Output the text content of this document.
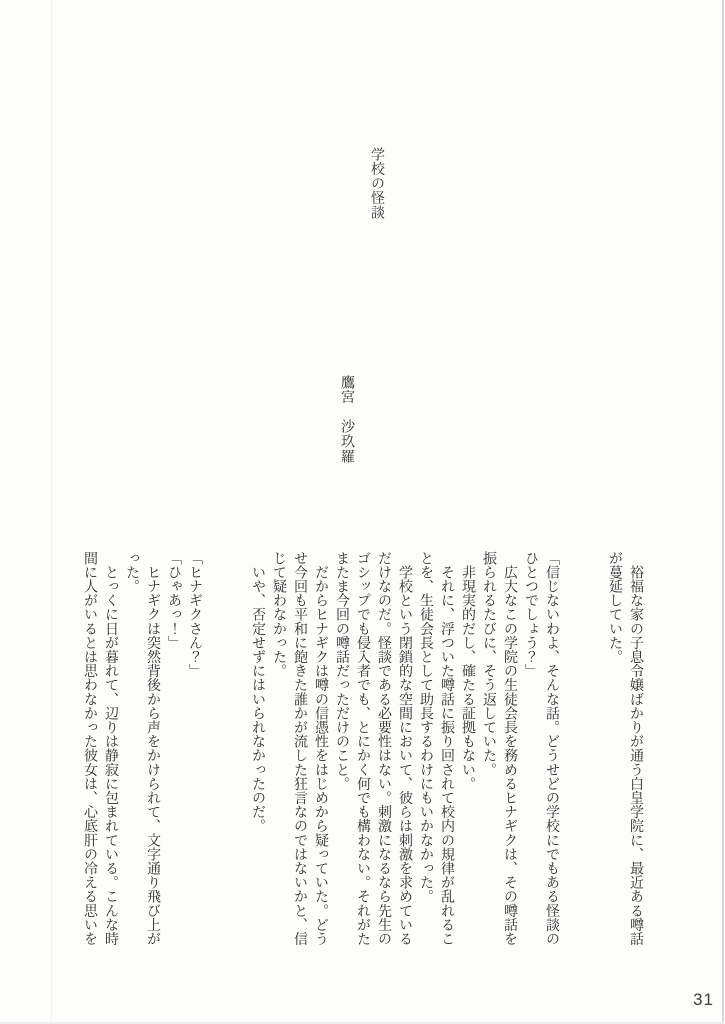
学校の怪談
鷹宮　沙玖羅
　裕福な家の子息令嬢ばかりが通う白皇学院に、最近ある噂話
が蔓延していた。

「信じないわよ、そんな話。どうせどの学校にでもある怪談の
ひとつでしょう？」
　広大なこの学院の生徒会長を務めるヒナギクは、その噂話を
振られるたびに、そう返していた。
　非現実的だし、確たる証拠もない。
　それに、浮ついた噂話に振り回されて校内の規律が乱れるこ
とを、生徒会長として助長するわけにもいかなかった。
　学校という閉鎖的な空間において、彼らは刺激を求めている
だけなのだ。怪談である必要性はない。刺激になるなら先生の
ゴシップでも侵入者でも、とにかく何でも構わない。それがた
またま今回の噂話だっただけのこと。
　だからヒナギクは噂の信憑性をはじめから疑っていた。どう
せ今回も平和に飽きた誰かが流した狂言なのではないかと、信
じて疑わなかった。
　いや、否定せずにはいられなかったのだ。

「ヒナギクさん？」
「ひゃあっ！」
　ヒナギクは突然背後から声をかけられて、文字通り飛び上が
った。
　とっくに日が暮れて、辺りは静寂に包まれている。こんな時
間に人がいるとは思わなかった彼女は、心底肝の冷える思いを
31
